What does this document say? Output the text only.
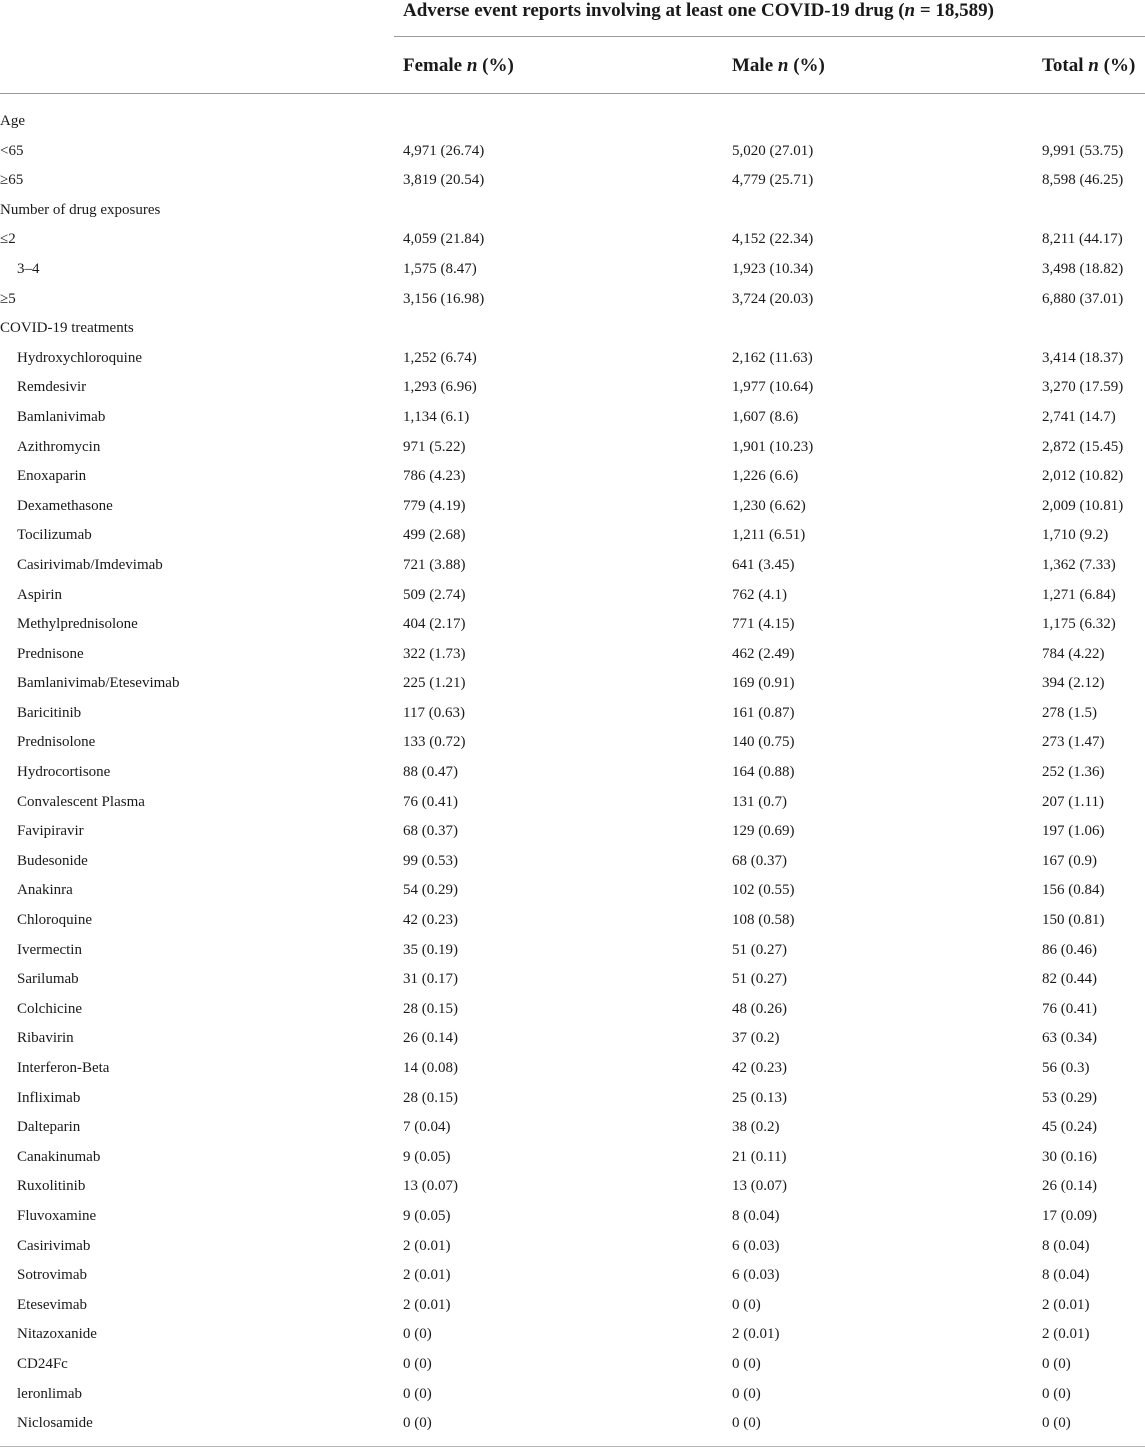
Adverse event reports involving at least one COVID-19 drug (n = 18,589)
Female n (%)	Male n (%)	Total n (%)
Age
<65	4,971 (26.74)	5,020 (27.01)	9,991 (53.75)
≥65	3,819 (20.54)	4,779 (25.71)	8,598 (46.25)
Number of drug exposures
≤2	4,059 (21.84)	4,152 (22.34)	8,211 (44.17)
3–4	1,575 (8.47)	1,923 (10.34)	3,498 (18.82)
≥5	3,156 (16.98)	3,724 (20.03)	6,880 (37.01)
COVID-19 treatments
Hydroxychloroquine	1,252 (6.74)	2,162 (11.63)	3,414 (18.37)
Remdesivir	1,293 (6.96)	1,977 (10.64)	3,270 (17.59)
Bamlanivimab	1,134 (6.1)	1,607 (8.6)	2,741 (14.7)
Azithromycin	971 (5.22)	1,901 (10.23)	2,872 (15.45)
Enoxaparin	786 (4.23)	1,226 (6.6)	2,012 (10.82)
Dexamethasone	779 (4.19)	1,230 (6.62)	2,009 (10.81)
Tocilizumab	499 (2.68)	1,211 (6.51)	1,710 (9.2)
Casirivimab/Imdevimab	721 (3.88)	641 (3.45)	1,362 (7.33)
Aspirin	509 (2.74)	762 (4.1)	1,271 (6.84)
Methylprednisolone	404 (2.17)	771 (4.15)	1,175 (6.32)
Prednisone	322 (1.73)	462 (2.49)	784 (4.22)
Bamlanivimab/Etesevimab	225 (1.21)	169 (0.91)	394 (2.12)
Baricitinib	117 (0.63)	161 (0.87)	278 (1.5)
Prednisolone	133 (0.72)	140 (0.75)	273 (1.47)
Hydrocortisone	88 (0.47)	164 (0.88)	252 (1.36)
Convalescent Plasma	76 (0.41)	131 (0.7)	207 (1.11)
Favipiravir	68 (0.37)	129 (0.69)	197 (1.06)
Budesonide	99 (0.53)	68 (0.37)	167 (0.9)
Anakinra	54 (0.29)	102 (0.55)	156 (0.84)
Chloroquine	42 (0.23)	108 (0.58)	150 (0.81)
Ivermectin	35 (0.19)	51 (0.27)	86 (0.46)
Sarilumab	31 (0.17)	51 (0.27)	82 (0.44)
Colchicine	28 (0.15)	48 (0.26)	76 (0.41)
Ribavirin	26 (0.14)	37 (0.2)	63 (0.34)
Interferon-Beta	14 (0.08)	42 (0.23)	56 (0.3)
Infliximab	28 (0.15)	25 (0.13)	53 (0.29)
Dalteparin	7 (0.04)	38 (0.2)	45 (0.24)
Canakinumab	9 (0.05)	21 (0.11)	30 (0.16)
Ruxolitinib	13 (0.07)	13 (0.07)	26 (0.14)
Fluvoxamine	9 (0.05)	8 (0.04)	17 (0.09)
Casirivimab	2 (0.01)	6 (0.03)	8 (0.04)
Sotrovimab	2 (0.01)	6 (0.03)	8 (0.04)
Etesevimab	2 (0.01)	0 (0)	2 (0.01)
Nitazoxanide	0 (0)	2 (0.01)	2 (0.01)
CD24Fc	0 (0)	0 (0)	0 (0)
leronlimab	0 (0)	0 (0)	0 (0)
Niclosamide	0 (0)	0 (0)	0 (0)
